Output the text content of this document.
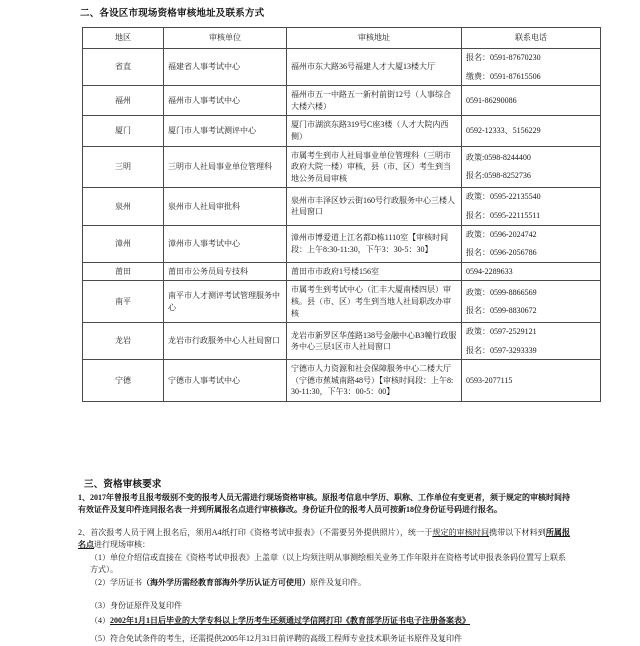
二、各设区市现场资格审核地址及联系方式
地区	审核单位	审核地址	联系电话
省直	福建省人事考试中心	福州市东大路36号福建人才大厦13楼大厅	报名：0591-87670230
缴费：0591-87615506

福州	福州市人事考试中心	福州市五一中路五一新村前街12号（人事综合大楼六楼）	0591-86290086

厦门	厦门市人事考试测评中心	厦门市湖滨东路319号C座3楼（人才大院内西侧）	0592-12333、5156229

三明	三明市人社局事业单位管理科	市属考生到市人社局事业单位管理科（三明市政府大院一楼）审核，县（市、区）考生到当地公务员局审核	政策:0598-8244400
报名:0598-8252736

泉州	泉州市人社局审批科	泉州市丰泽区妙云街160号行政服务中心三楼人社局窗口	政策：0595-22135540
报名：0595-22115511

漳州	漳州市人事考试中心	漳州市博爱道上江名都D栋1110室【审核时间段：上午8:30-11:30，下午3：30-5：30】	政策：0596-2024742
报名：0596-2056786

莆田	莆田市公务员局专技科	莆田市市政府1号楼156室	0594-2289633

南平	南平市人才测评考试管理服务中心	市属考生到考试中心（汇丰大厦南楼四层）审核。县（市、区）考生到当地人社局职改办审核	政策：0599-8866569
报名：0599-8830672

龙岩	龙岩市行政服务中心人社局窗口	龙岩市新罗区华莲路138号金融中心B3幢行政服务中心三层1区市人社局窗口	政策：0597-2529121
报名：0597-3293339

宁德	宁德市人事考试中心	宁德市人力资源和社会保障服务中心二楼大厅（宁德市蕉城南路48号）【审核时间段：上午8:30-11:30，下午3：00-5：00】	0593-2077115
三、资格审核要求

1、2017年曾报考且报考级别不变的报考人员无需进行现场资格审核。原报考信息中学历、职称、工作单位有变更者，须于规定的审核时间持有效证件及复印件连同报名表一并到所属报名点进行审核修改。身份证升位的报考人员可按新18位身份证号码进行报名。

2、首次报考人员于网上报名后，须用A4纸打印《资格考试申报表》（不需要另外提供照片），统一于规定的审核时间携带以下材料到所属报名点进行现场审核：

（1）单位介绍信或直接在《资格考试申报表》上盖章（以上均须注明从事测绘相关业务工作年限并在资格考试申报表条码位置写上联系方式）。
（2）学历证书（海外学历需经教育部海外学历认证方可使用）原件及复印件。
（3）身份证原件及复印件
（4）2002年1月1日后毕业的大学专科以上学历考生还须通过学信网打印《教育部学历证书电子注册备案表》
（5）符合免试条件的考生，还需提供2005年12月31日前评聘的高级工程师专业技术职务证书原件及复印件
